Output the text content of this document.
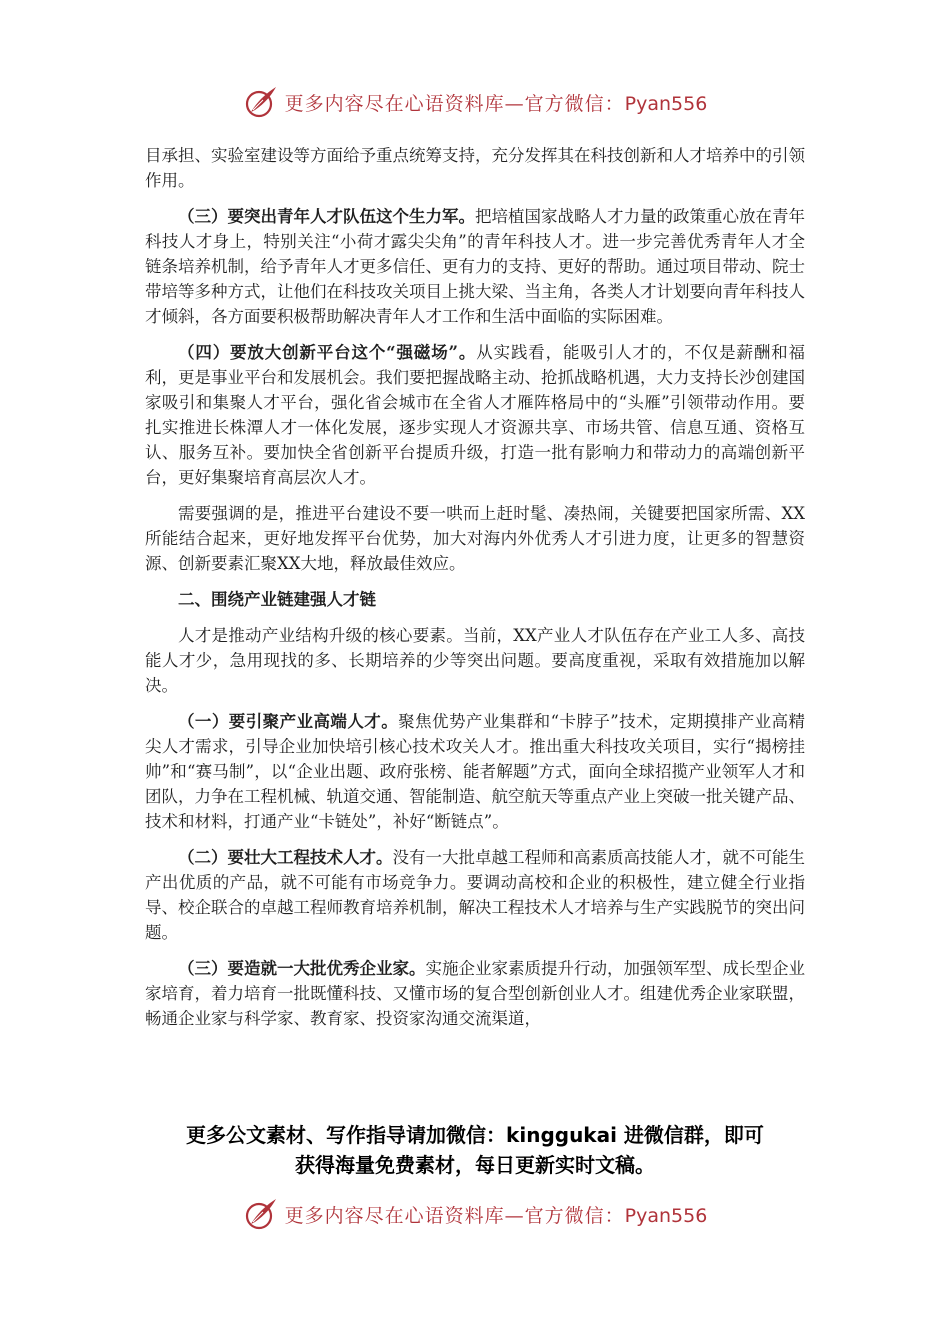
更多内容尽在心语资料库—官方微信：Pyan556

目承担、实验室建设等方面给予重点统筹支持，充分发挥其在科技创新和人才培养中的引领作用。

（三）要突出青年人才队伍这个生力军。把培植国家战略人才力量的政策重心放在青年科技人才身上，特别关注“小荷才露尖尖角”的青年科技人才。进一步完善优秀青年人才全链条培养机制，给予青年人才更多信任、更有力的支持、更好的帮助。通过项目带动、院士带培等多种方式，让他们在科技攻关项目上挑大梁、当主角，各类人才计划要向青年科技人才倾斜，各方面要积极帮助解决青年人才工作和生活中面临的实际困难。

（四）要放大创新平台这个“强磁场”。从实践看，能吸引人才的，不仅是薪酬和福利，更是事业平台和发展机会。我们要把握战略主动、抢抓战略机遇，大力支持长沙创建国家吸引和集聚人才平台，强化省会城市在全省人才雁阵格局中的“头雁”引领带动作用。要扎实推进长株潭人才一体化发展，逐步实现人才资源共享、市场共管、信息互通、资格互认、服务互补。要加快全省创新平台提质升级，打造一批有影响力和带动力的高端创新平台，更好集聚培育高层次人才。

需要强调的是，推进平台建设不要一哄而上赶时髦、凑热闹，关键要把国家所需、XX所能结合起来，更好地发挥平台优势，加大对海内外优秀人才引进力度，让更多的智慧资源、创新要素汇聚XX大地，释放最佳效应。

二、围绕产业链建强人才链

人才是推动产业结构升级的核心要素。当前，XX产业人才队伍存在产业工人多、高技能人才少，急用现找的多、长期培养的少等突出问题。要高度重视，采取有效措施加以解决。

（一）要引聚产业高端人才。聚焦优势产业集群和“卡脖子”技术，定期摸排产业高精尖人才需求，引导企业加快培引核心技术攻关人才。推出重大科技攻关项目，实行“揭榜挂帅”和“赛马制”，以“企业出题、政府张榜、能者解题”方式，面向全球招揽产业领军人才和团队，力争在工程机械、轨道交通、智能制造、航空航天等重点产业上突破一批关键产品、技术和材料，打通产业“卡链处”，补好“断链点”。

（二）要壮大工程技术人才。没有一大批卓越工程师和高素质高技能人才，就不可能生产出优质的产品，就不可能有市场竞争力。要调动高校和企业的积极性，建立健全行业指导、校企联合的卓越工程师教育培养机制，解决工程技术人才培养与生产实践脱节的突出问题。

（三）要造就一大批优秀企业家。实施企业家素质提升行动，加强领军型、成长型企业家培育，着力培育一批既懂科技、又懂市场的复合型创新创业人才。组建优秀企业家联盟，畅通企业家与科学家、教育家、投资家沟通交流渠道，

更多公文素材、写作指导请加微信：kinggukai 进微信群，即可
获得海量免费素材，每日更新实时文稿。
更多内容尽在心语资料库—官方微信：Pyan556
